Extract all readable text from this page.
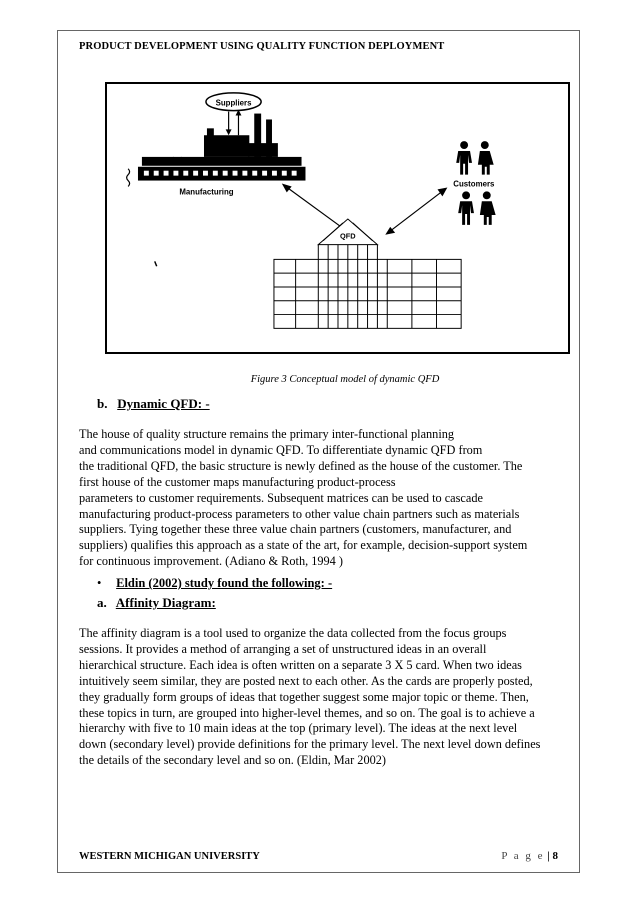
PRODUCT DEVELOPMENT USING QUALITY FUNCTION DEPLOYMENT
Suppliers
Manufacturing
Customers
QFD
Figure 3 Conceptual model of dynamic QFD
b. Dynamic QFD: -
The house of quality structure remains the primary inter-functional planning
and communications model in dynamic QFD. To differentiate dynamic QFD from
the traditional QFD, the basic structure is newly defined as the house of the customer. The
first house of the customer maps manufacturing product-process
parameters to customer requirements. Subsequent matrices can be used to cascade
manufacturing product-process parameters to other value chain partners such as materials
suppliers. Tying together these three value chain partners (customers, manufacturer, and
suppliers) qualifies this approach as a state of the art, for example, decision-support system
for continuous improvement. (Adiano & Roth, 1994 )
• Eldin (2002) study found the following: -
a. Affinity Diagram:
The affinity diagram is a tool used to organize the data collected from the focus groups
sessions. It provides a method of arranging a set of unstructured ideas in an overall
hierarchical structure. Each idea is often written on a separate 3 X 5 card. When two ideas
intuitively seem similar, they are posted next to each other. As the cards are properly posted,
they gradually form groups of ideas that together suggest some major topic or theme. Then,
these topics in turn, are grouped into higher-level themes, and so on. The goal is to achieve a
hierarchy with five to 10 main ideas at the top (primary level). The ideas at the next level
down (secondary level) provide definitions for the primary level. The next level down defines
the details of the secondary level and so on. (Eldin, Mar 2002)
WESTERN MICHIGAN UNIVERSITY	P a g e | 8
